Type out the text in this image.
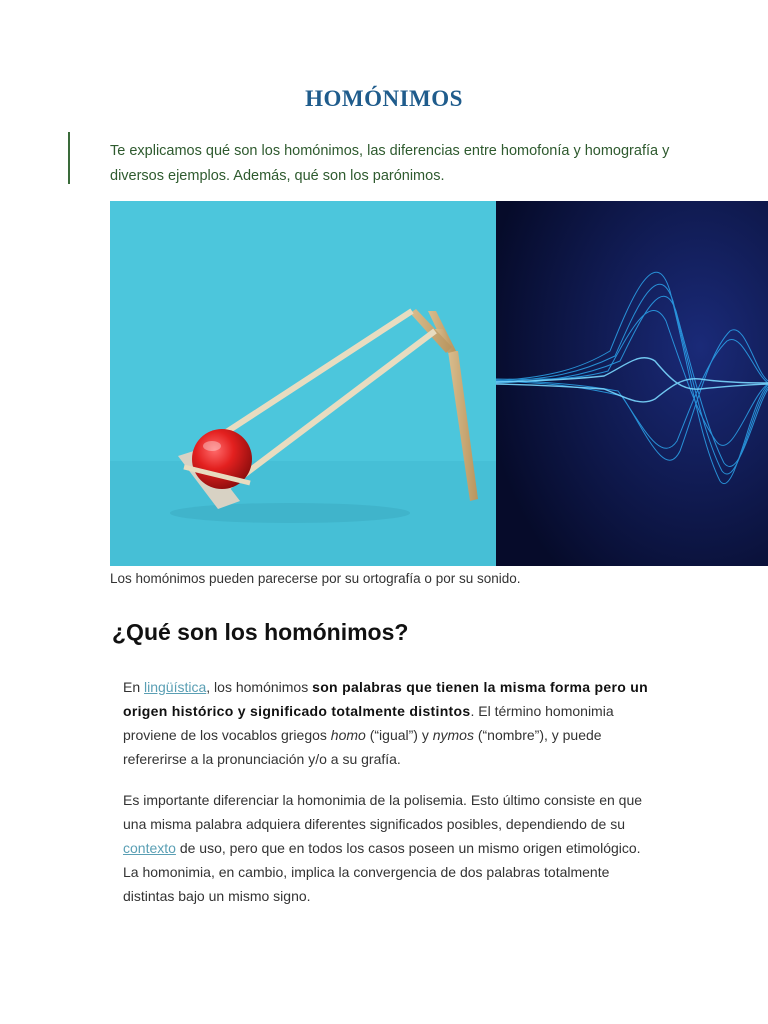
HOMÓNIMOS
Te explicamos qué son los homónimos, las diferencias entre homofonía y homografía y diversos ejemplos. Además, qué son los parónimos.
Los homónimos pueden parecerse por su ortografía o por su sonido.
¿Qué son los homónimos?
En lingüística, los homónimos son palabras que tienen la misma forma pero un origen histórico y significado totalmente distintos. El término homonimia proviene de los vocablos griegos homo (“igual”) y nymos (“nombre”), y puede refererirse a la pronunciación y/o a su grafía.
Es importante diferenciar la homonimia de la polisemia. Esto último consiste en que una misma palabra adquiera diferentes significados posibles, dependiendo de su contexto de uso, pero que en todos los casos poseen un mismo origen etimológico. La homonimia, en cambio, implica la convergencia de dos palabras totalmente distintas bajo un mismo signo.
